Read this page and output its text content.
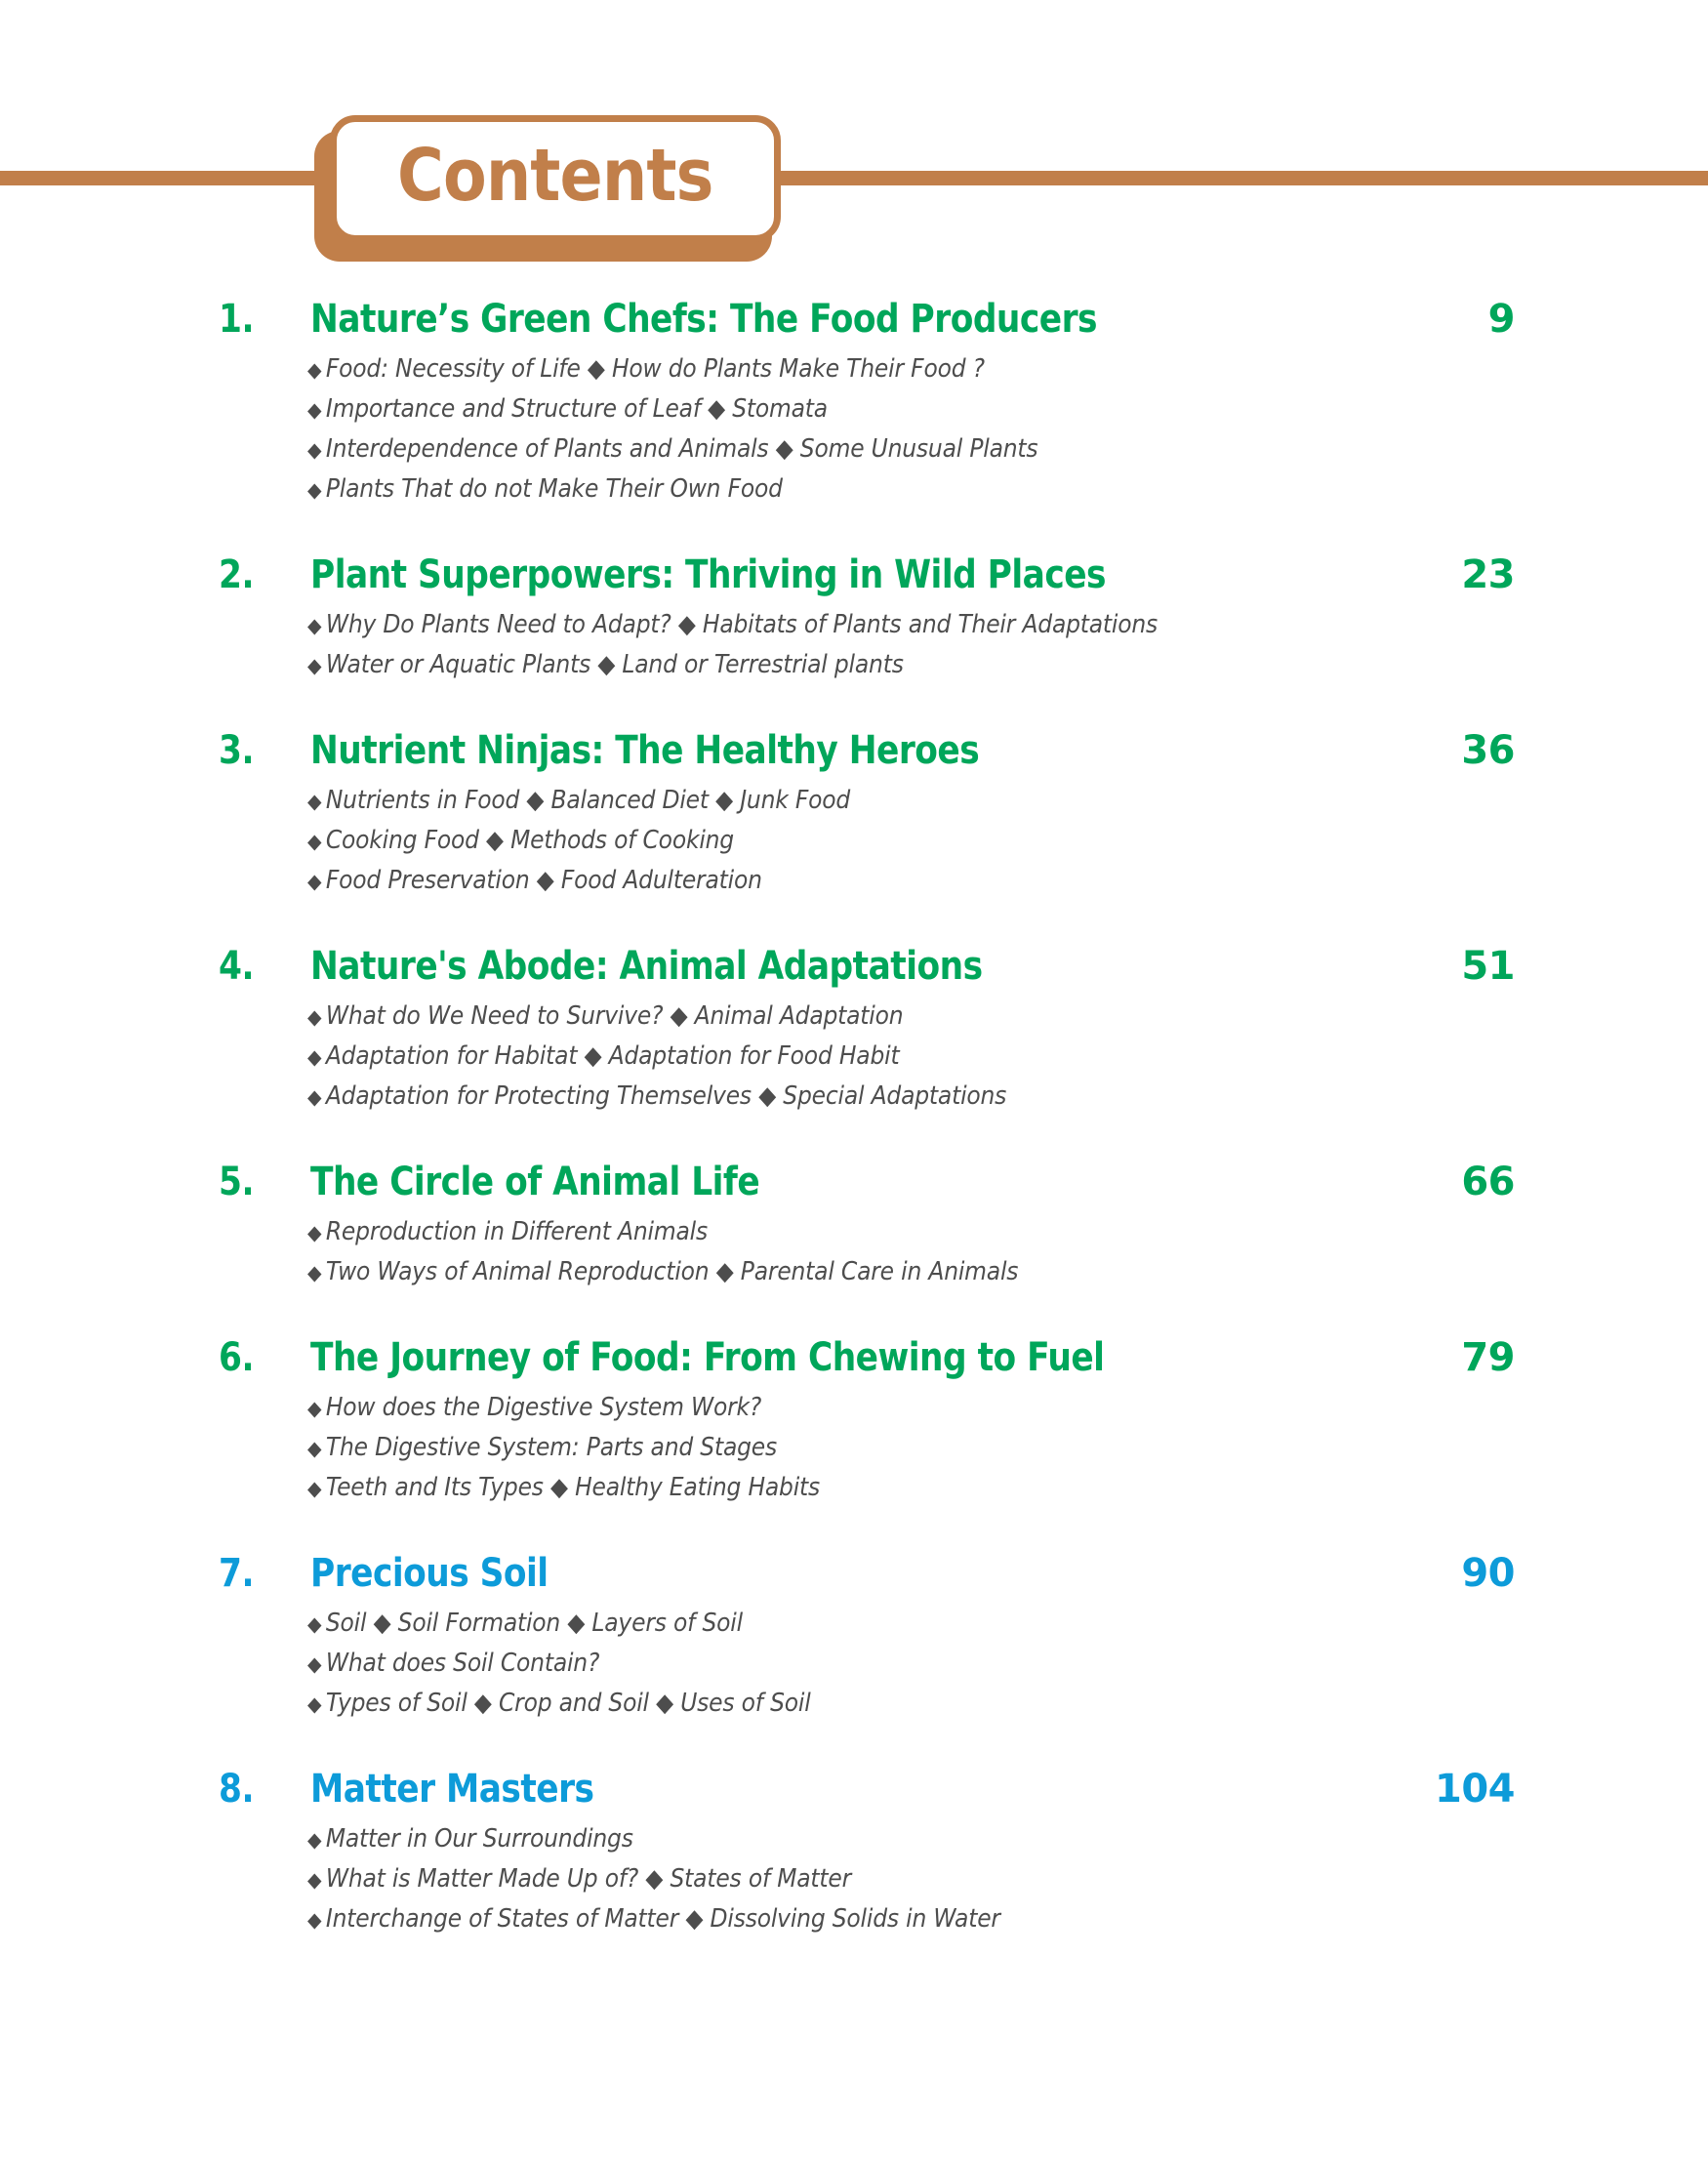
Contents
1. Nature’s Green Chefs: The Food Producers	9
◆ Food: Necessity of Life ◆ How do Plants Make Their Food ?
◆ Importance and Structure of Leaf ◆ Stomata
◆ Interdependence of Plants and Animals ◆ Some Unusual Plants
◆ Plants That do not Make Their Own Food
2. Plant Superpowers: Thriving in Wild Places	23
◆ Why Do Plants Need to Adapt? ◆ Habitats of Plants and Their Adaptations
◆ Water or Aquatic Plants ◆ Land or Terrestrial plants
3. Nutrient Ninjas: The Healthy Heroes	36
◆ Nutrients in Food ◆ Balanced Diet ◆ Junk Food
◆ Cooking Food ◆ Methods of Cooking
◆ Food Preservation ◆ Food Adulteration
4. Nature's Abode: Animal Adaptations	51
◆ What do We Need to Survive? ◆ Animal Adaptation
◆ Adaptation for Habitat ◆ Adaptation for Food Habit
◆ Adaptation for Protecting Themselves ◆ Special Adaptations
5. The Circle of Animal Life	66
◆ Reproduction in Different Animals
◆ Two Ways of Animal Reproduction ◆ Parental Care in Animals
6. The Journey of Food: From Chewing to Fuel	79
◆ How does the Digestive System Work?
◆ The Digestive System: Parts and Stages
◆ Teeth and Its Types ◆ Healthy Eating Habits
7. Precious Soil	90
◆ Soil ◆ Soil Formation ◆ Layers of Soil
◆ What does Soil Contain?
◆ Types of Soil ◆ Crop and Soil ◆ Uses of Soil
8. Matter Masters	104
◆ Matter in Our Surroundings
◆ What is Matter Made Up of? ◆ States of Matter
◆ Interchange of States of Matter ◆ Dissolving Solids in Water
